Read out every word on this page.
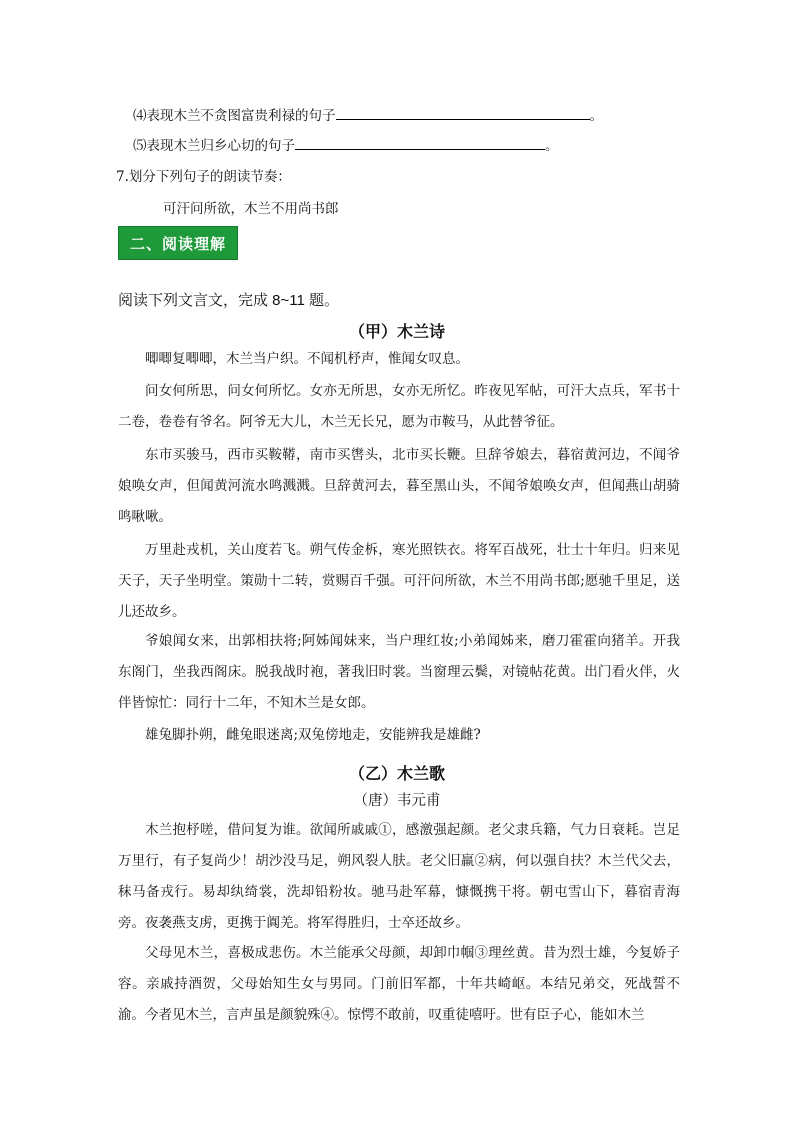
⑷表现木兰不贪图富贵利禄的句子	。
⑸表现木兰归乡心切的句子	。
7.划分下列句子的朗读节奏：
可汗问所欲，木兰不用尚书郎
二、阅读理解
阅读下列文言文，完成 8~11 题。
（甲）木兰诗

唧唧复唧唧，木兰当户织。不闻机杼声，惟闻女叹息。

问女何所思，问女何所忆。女亦无所思，女亦无所忆。昨夜见军帖，可汗大点兵，军书十二卷，卷卷有爷名。阿爷无大儿，木兰无长兄，愿为市鞍马，从此替爷征。

东市买骏马，西市买鞍鞯，南市买辔头，北市买长鞭。旦辞爷娘去，暮宿黄河边，不闻爷娘唤女声，但闻黄河流水鸣溅溅。旦辞黄河去，暮至黑山头，不闻爷娘唤女声，但闻燕山胡骑鸣啾啾。

万里赴戎机，关山度若飞。朔气传金柝，寒光照铁衣。将军百战死，壮士十年归。归来见天子，天子坐明堂。策勋十二转，赏赐百千强。可汗问所欲，木兰不用尚书郎;愿驰千里足，送儿还故乡。

爷娘闻女来，出郭相扶将;阿姊闻妹来，当户理红妆;小弟闻姊来，磨刀霍霍向猪羊。开我东阁门，坐我西阁床。脱我战时袍，著我旧时裳。当窗理云鬓，对镜帖花黄。出门看火伴，火伴皆惊忙：同行十二年，不知木兰是女郎。

雄兔脚扑朔，雌兔眼迷离;双兔傍地走，安能辨我是雄雌?

（乙）木兰歌
（唐）韦元甫

木兰抱杼嗟，借问复为谁。欲闻所戚戚①，感激强起颜。老父隶兵籍，气力日衰耗。岂足万里行，有子复尚少！胡沙没马足，朔风裂人肤。老父旧羸②病，何以强自扶？木兰代父去，秣马备戎行。易却纨绮裳，洗却铅粉妆。驰马赴军幕，慷慨携干将。朝屯雪山下，暮宿青海旁。夜袭燕支虏，更携于阗羌。将军得胜归，士卒还故乡。

父母见木兰，喜极成悲伤。木兰能承父母颜，却卸巾帼③理丝黄。昔为烈士雄，今复娇子容。亲戚持酒贺，父母始知生女与男同。门前旧军都，十年共崎岖。本结兄弟交，死战誓不渝。今者见木兰，言声虽是颜貌殊④。惊愕不敢前，叹重徒嘻吁。世有臣子心，能如木兰
